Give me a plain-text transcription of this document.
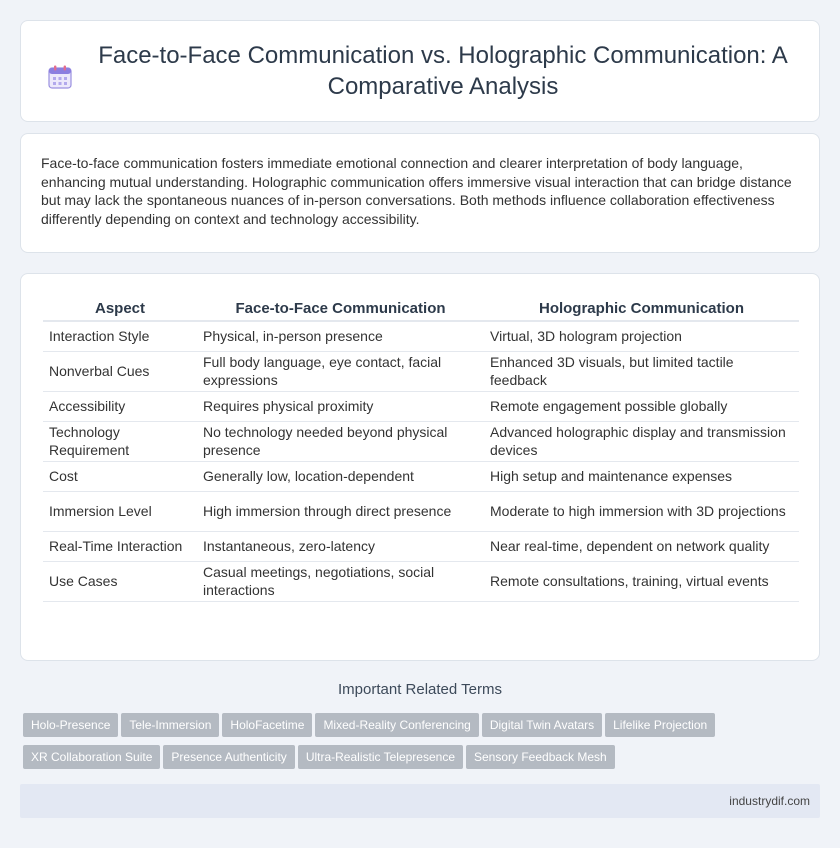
Face-to-Face Communication vs. Holographic Communication: A Comparative Analysis

Face-to-face communication fosters immediate emotional connection and clearer interpretation of body language, enhancing mutual understanding. Holographic communication offers immersive visual interaction that can bridge distance but may lack the spontaneous nuances of in-person conversations. Both methods influence collaboration effectiveness differently depending on context and technology accessibility.

Aspect	Face-to-Face Communication	Holographic Communication
Interaction Style	Physical, in-person presence	Virtual, 3D hologram projection
Nonverbal Cues	Full body language, eye contact, facial expressions	Enhanced 3D visuals, but limited tactile feedback
Accessibility	Requires physical proximity	Remote engagement possible globally
Technology Requirement	No technology needed beyond physical presence	Advanced holographic display and transmission devices
Cost	Generally low, location-dependent	High setup and maintenance expenses
Immersion Level	High immersion through direct presence	Moderate to high immersion with 3D projections
Real-Time Interaction	Instantaneous, zero-latency	Near real-time, dependent on network quality
Use Cases	Casual meetings, negotiations, social interactions	Remote consultations, training, virtual events
Important Related Terms
Holo-Presence Tele-Immersion HoloFacetime Mixed-Reality Conferencing Digital Twin Avatars Lifelike Projection
XR Collaboration Suite Presence Authenticity Ultra-Realistic Telepresence Sensory Feedback Mesh
industrydif.com
